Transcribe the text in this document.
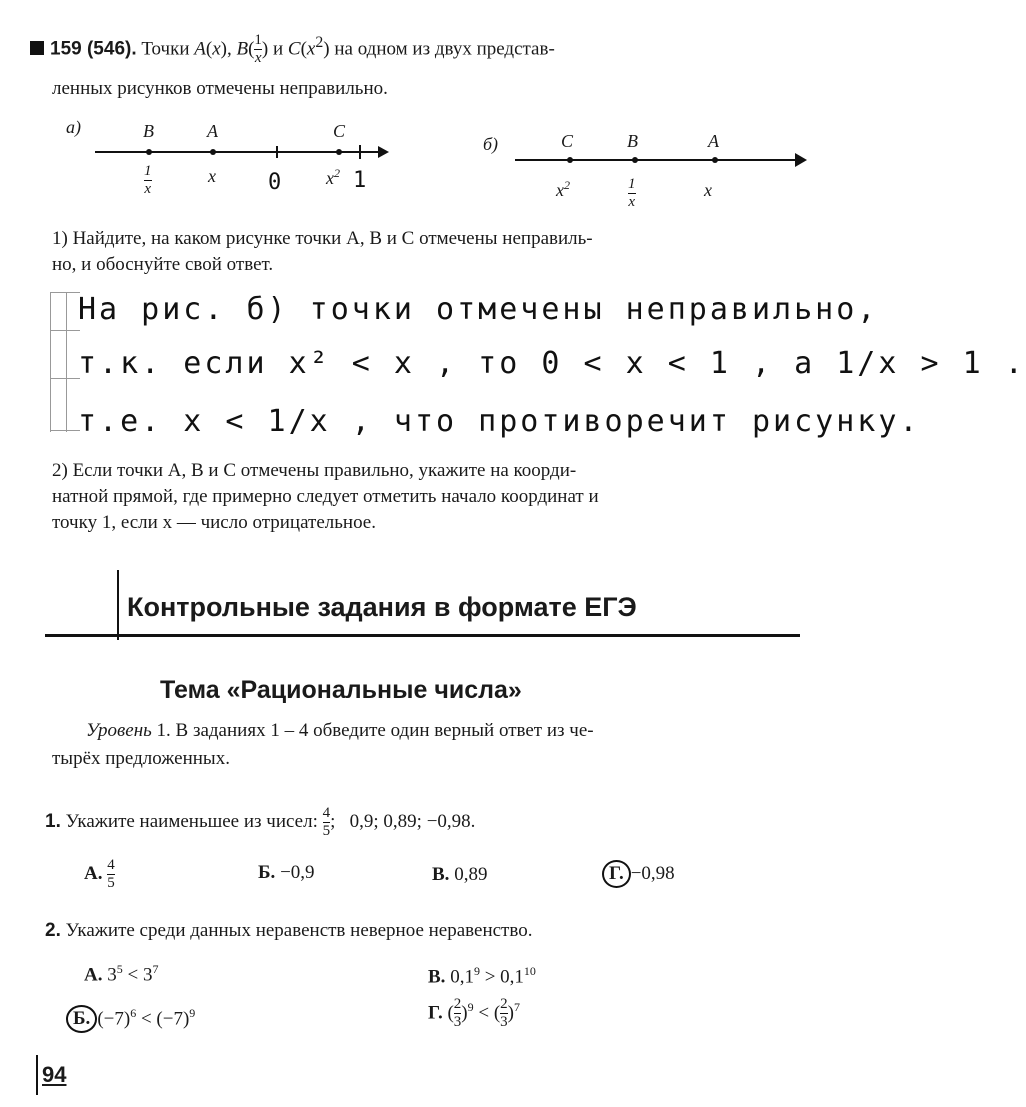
159 (546). Точки A(x), $B( \frac{1}{x}$ ) и $C(x^2)$ на одном из двух представ-
ленных рисунков отмечены неправильно.
а)	B	A	C
1
x
x 0 $x^2$ 1
б)	C	B	A
$x^2$	1
x
x
1) Найдите, на каком рисунке точки A, B и C отмечены неправиль-
но, и обоснуйте свой ответ.
На рис. б) точки отмечены неправильно,
т.к. если x² < x , то 0 < x < 1 , а 1/x > 1 .
т.е. x < 1/x , что противоречит рисунку.
2) Если точки A, B и C отмечены правильно, укажите на коорди-
натной прямой, где примерно следует отметить начало координат и
точку 1, если x — число отрицательное.
Контрольные задания в формате ЕГЭ
Тема «Рациональные числа»
Уровень 1. В заданиях 1 – 4 обведите один верный ответ из че-
тырёх предложенных.
1. Укажите наименьшее из чисел: $\frac{4}{5}$ ;   0,9; 0,89; −0,98.
А. $\frac{4}{5}$	Б. −0,9	В. 0,89	Г. −0,98
2. Укажите среди данных неравенств неверное неравенство.
А. $3^5 < 3^7$	В. $0,1^9 > 0,1^{10}$
Б. $(-7)^6 < (-7)^9$	Г. ( $\frac{2}{3} )^9$ < ( $\frac{2}{3} )^7$
94
